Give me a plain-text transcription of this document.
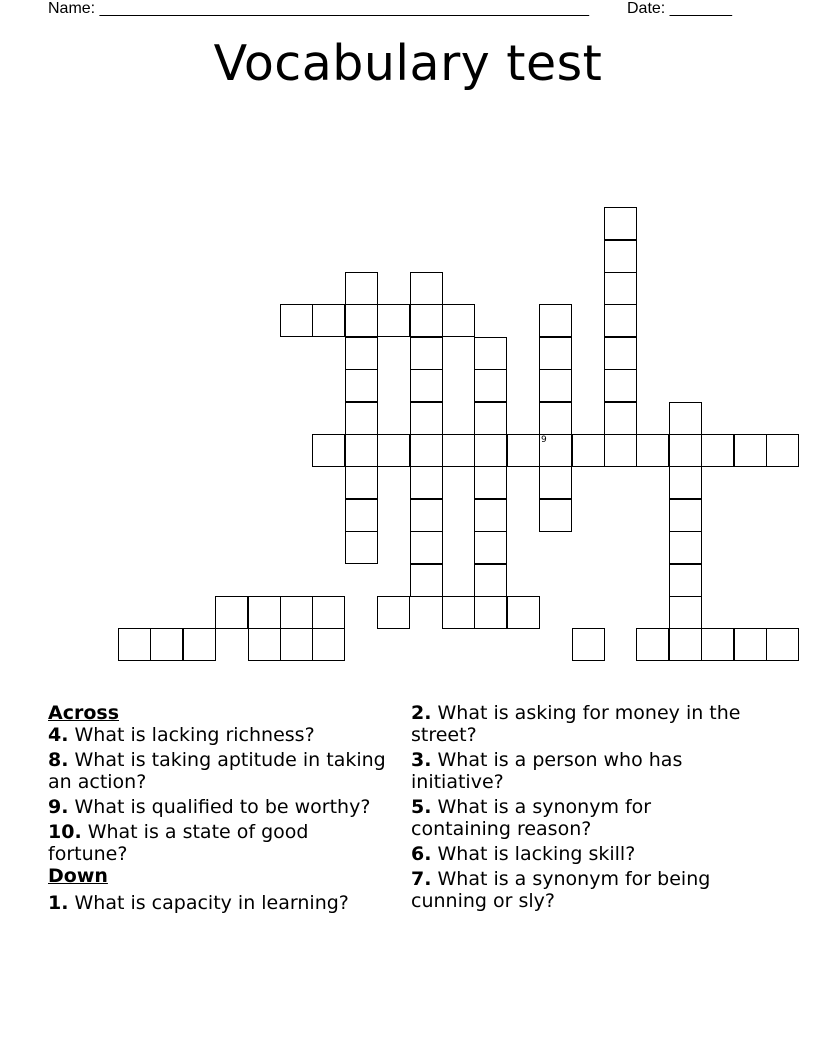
Name: _______________________________________________________ Date: _______
Vocabulary test
9
Across
4. What is lacking richness?
8. What is taking aptitude in taking an action?
9. What is qualified to be worthy?
10. What is a state of good fortune?
Down
1. What is capacity in learning?
2. What is asking for money in the street?
3. What is a person who has initiative?
5. What is a synonym for containing reason?
6. What is lacking skill?
7. What is a synonym for being cunning or sly?
